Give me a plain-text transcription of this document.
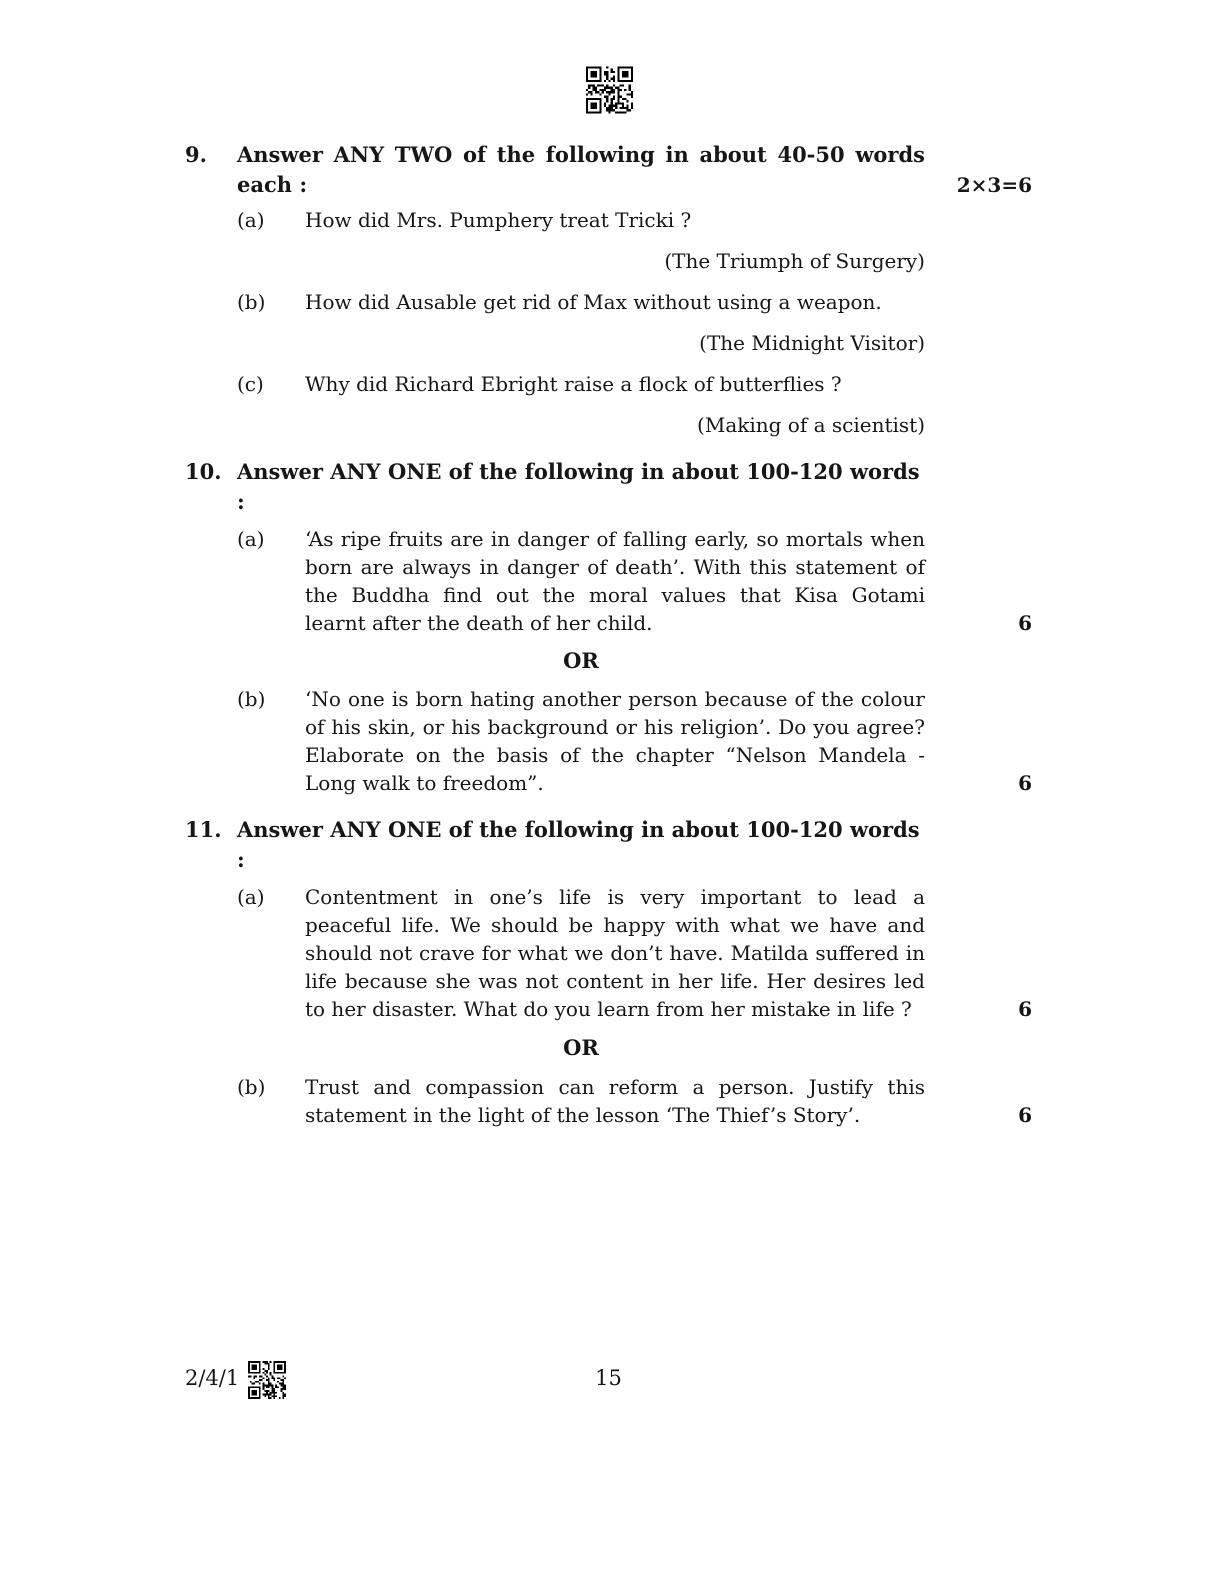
9.	Answer ANY TWO of the following in about 40-50 words
each :	2×3=6
(a)	How did Mrs. Pumphery treat Tricki ?
(The Triumph of Surgery)
(b)	How did Ausable get rid of Max without using a weapon.
(The Midnight Visitor)
(c)	Why did Richard Ebright raise a flock of butterflies ?
(Making of a scientist)
10. Answer ANY ONE of the following in about 100-120 words :
(a)	‘As ripe fruits are in danger of falling early, so mortals when born are always in danger of death’. With this statement of the Buddha find out the moral values that Kisa Gotami learnt after the death of her child.	6
OR
(b)	‘No one is born hating another person because of the colour of his skin, or his background or his religion’. Do you agree? Elaborate on the basis of the chapter “Nelson Mandela - Long walk to freedom”.	6
11. Answer ANY ONE of the following in about 100-120 words :
(a)	Contentment in one’s life is very important to lead a peaceful life. We should be happy with what we have and should not crave for what we don’t have. Matilda suffered in life because she was not content in her life. Her desires led to her disaster. What do you learn from her mistake in life ?	6
OR
(b)	Trust and compassion can reform a person. Justify this statement in the light of the lesson ‘The Thief’s Story’.	6
15
2/4/1
